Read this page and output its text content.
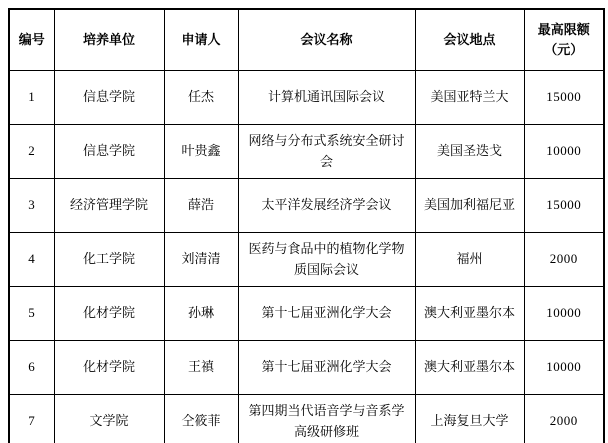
编号	培养单位	申请人	会议名称	会议地点	最高限额（元）
1	信息学院	任杰	计算机通讯国际会议	美国亚特兰大	15000
2	信息学院	叶贵鑫	网络与分布式系统安全研讨会	美国圣迭戈	10000
3	经济管理学院	薛浩	太平洋发展经济学会议	美国加利福尼亚	15000
4	化工学院	刘清清	医药与食品中的植物化学物质国际会议	福州	2000
5	化材学院	孙琳	第十七届亚洲化学大会	澳大利亚墨尔本	10000
6	化材学院	王禛	第十七届亚洲化学大会	澳大利亚墨尔本	10000
7	文学院	仝筱菲	第四期当代语音学与音系学高级研修班	上海复旦大学	2000
